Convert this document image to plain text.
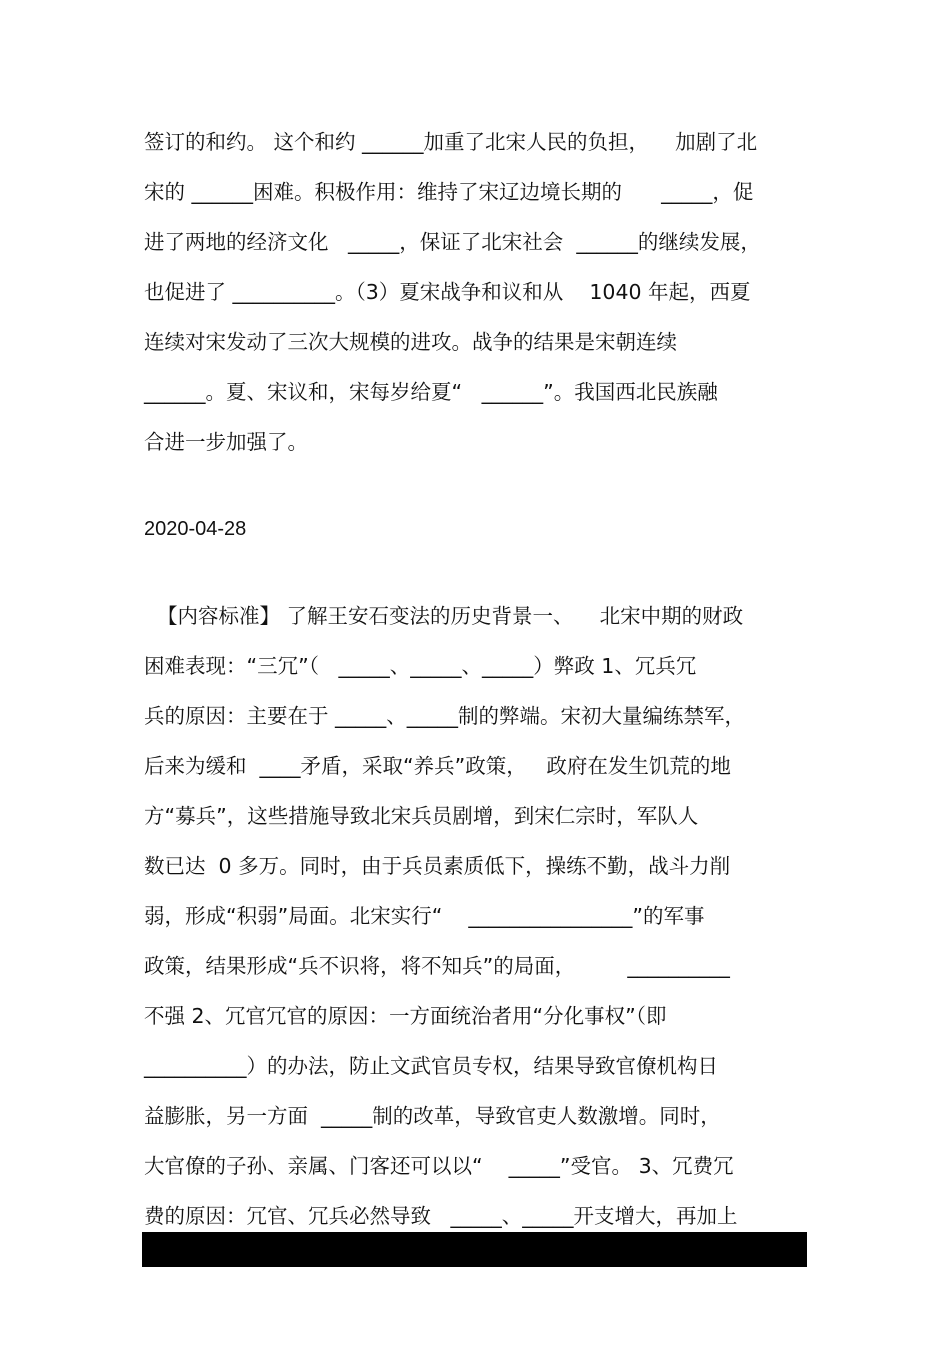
签订的和约。 这个和约 ______加重了北宋人民的负担，    加剧了北
宋的 ______困难。积极作用：维持了宋辽边境长期的      _____，促
进了两地的经济文化   _____，保证了北宋社会  ______的继续发展，
也促进了 __________。（3）夏宋战争和议和从    1040 年起，西夏
连续对宋发动了三次大规模的进攻。战争的结果是宋朝连续
______。夏、宋议和，宋每岁给夏“   ______”。我国西北民族融
合进一步加强了。
2020-04-28
【内容标准】 了解王安石变法的历史背景一、    北宋中期的财政
困难表现：“三冗”（   _____、_____、_____）弊政 1、冗兵冗
兵的原因：主要在于 _____、_____制的弊端。宋初大量编练禁军，
后来为缓和  ____矛盾，采取“养兵”政策，   政府在发生饥荒的地
方“募兵”，这些措施导致北宋兵员剧增，到宋仁宗时，军队人
数已达  0 多万。同时，由于兵员素质低下，操练不勤，战斗力削
弱，形成“积弱”局面。北宋实行“    ________________”的军事
政策，结果形成“兵不识将，将不知兵”的局面，        __________
不强 2、冗官冗官的原因：一方面统治者用“分化事权”（即
__________）的办法，防止文武官员专权，结果导致官僚机构日
益膨胀，另一方面  _____制的改革，导致官吏人数激增。同时，
大官僚的子孙、亲属、门客还可以以“    _____”受官。 3、冗费冗
费的原因：冗官、冗兵必然导致   _____、_____开支增大，再加上
